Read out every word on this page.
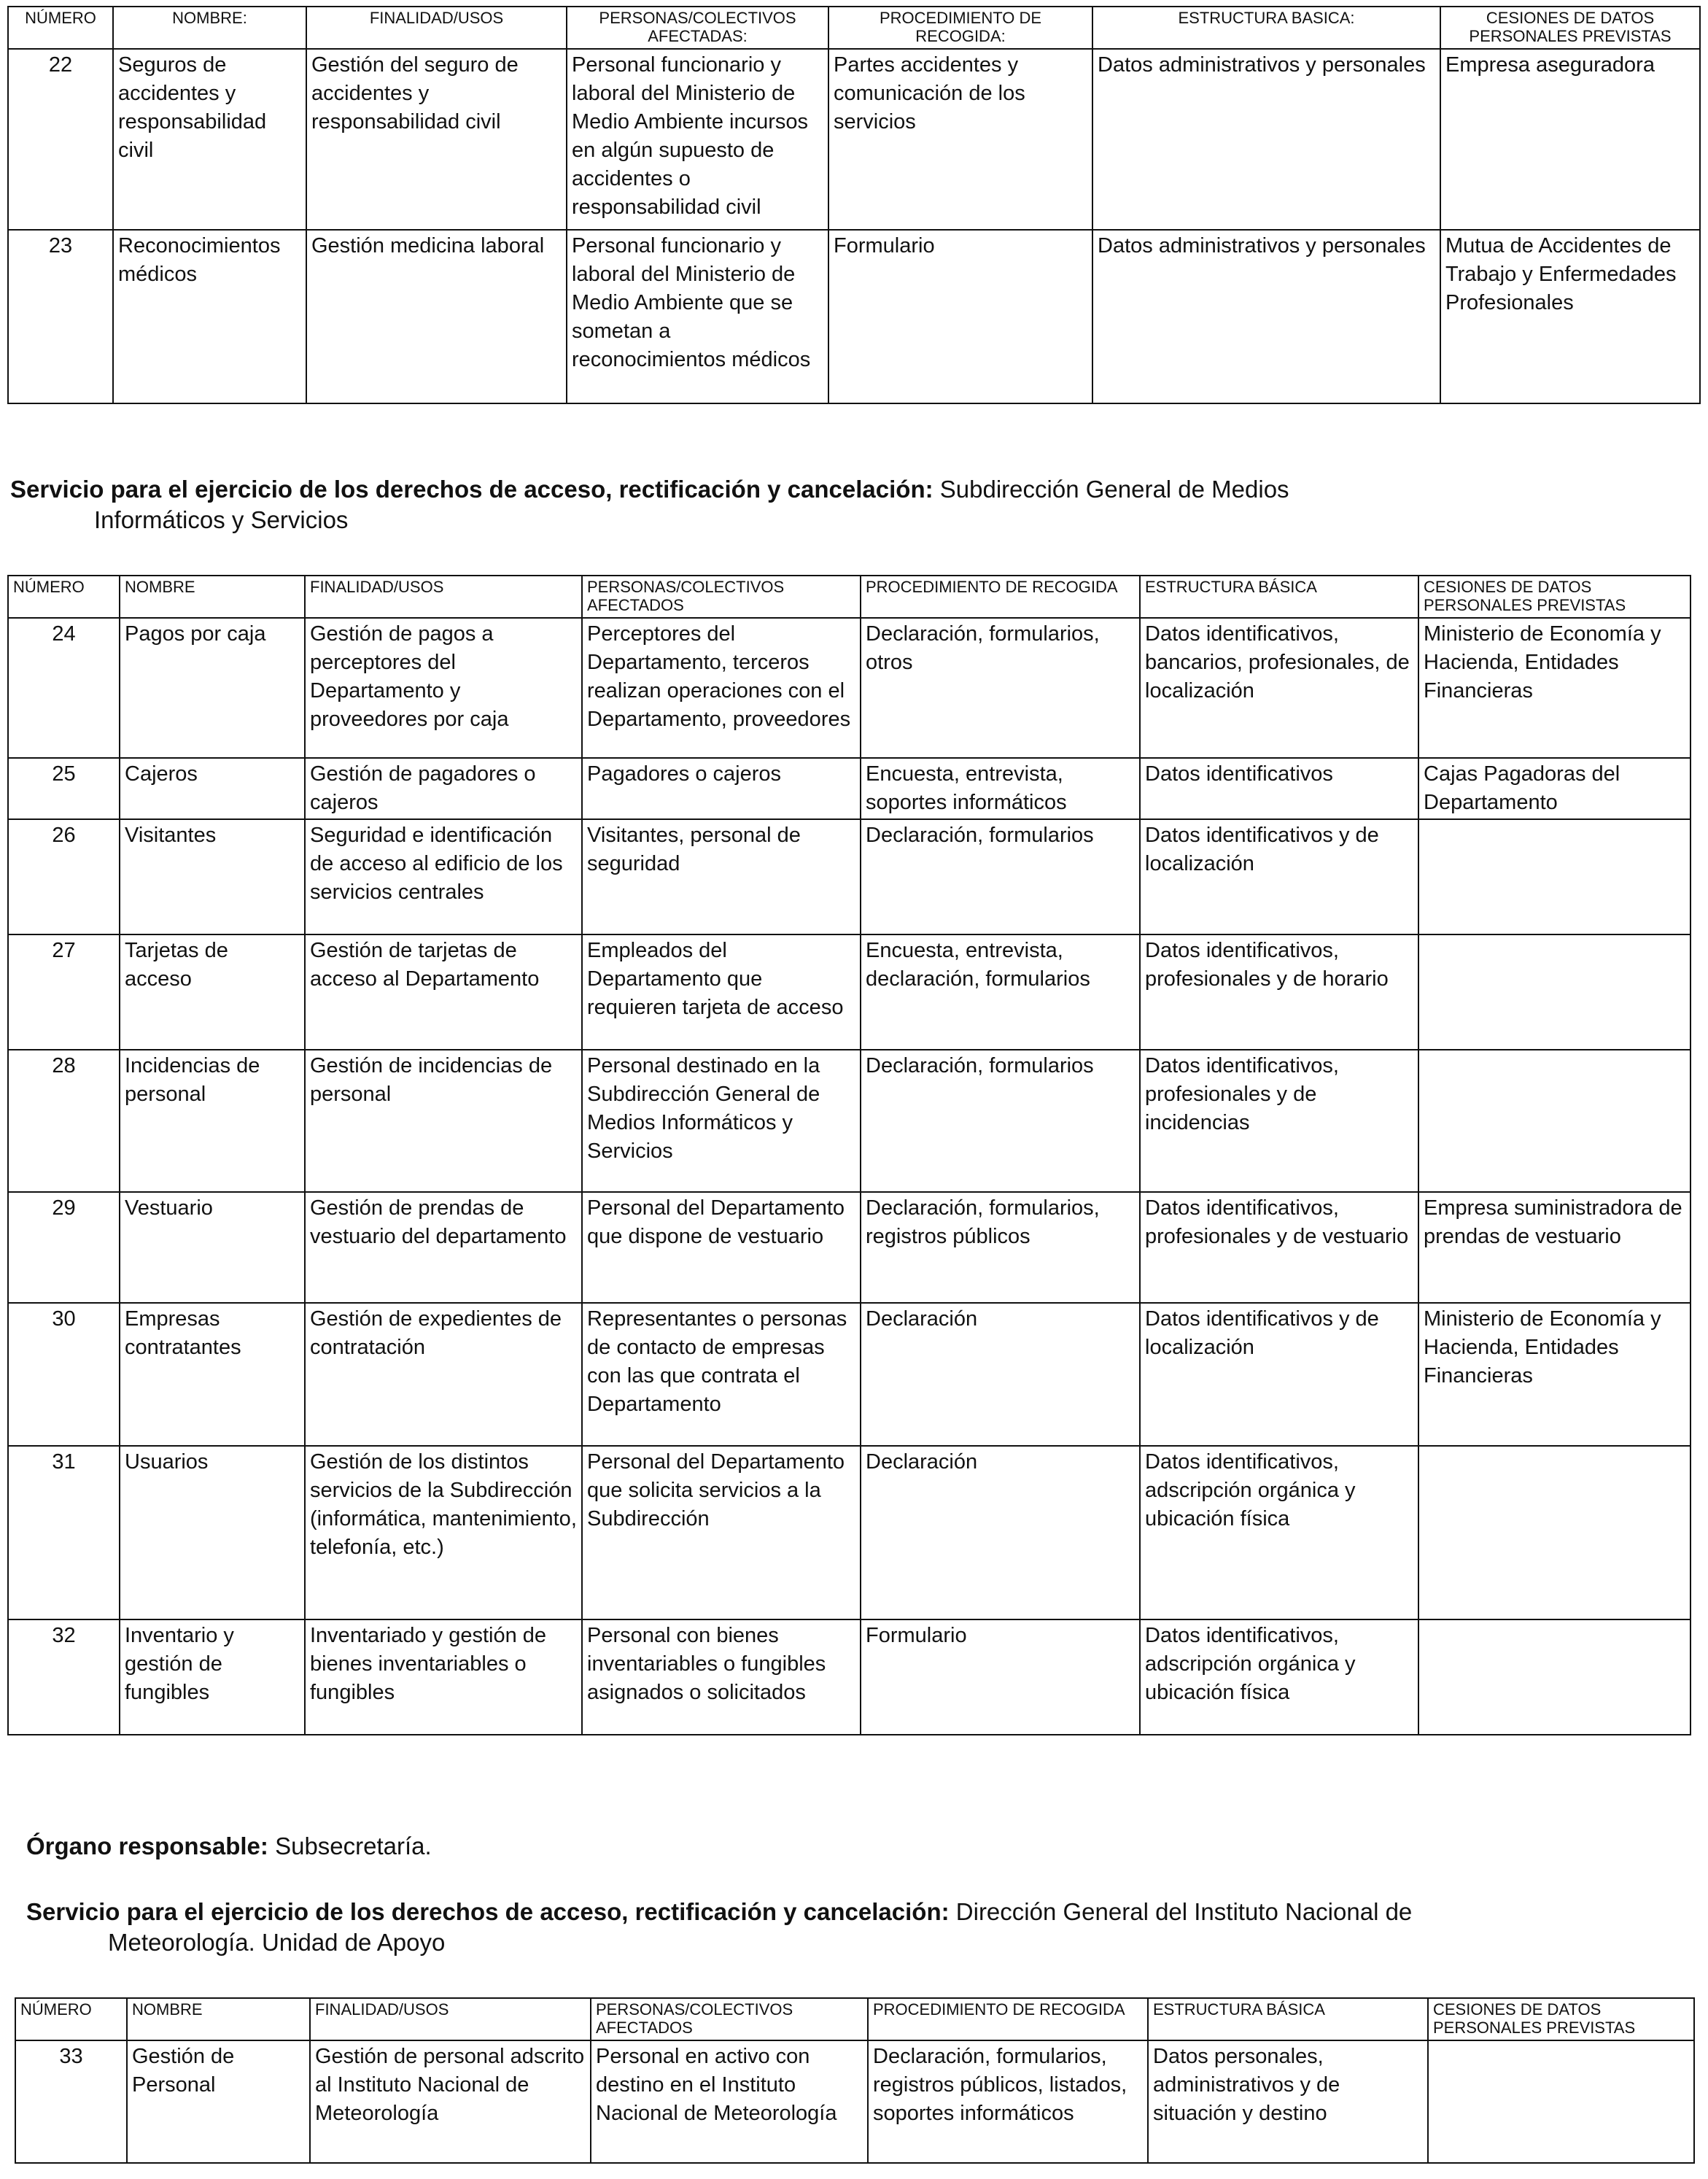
NÚMERO	NOMBRE:	FINALIDAD/USOS	PERSONAS/COLECTIVOS AFECTADAS:	PROCEDIMIENTO DE RECOGIDA:	ESTRUCTURA BASICA:	CESIONES DE DATOS PERSONALES PREVISTAS
22	Seguros de accidentes y responsabilidad civil	Gestión del seguro de accidentes y responsabilidad civil	Personal funcionario y laboral del Ministerio de Medio Ambiente incursos en algún supuesto de accidentes o responsabilidad civil	Partes accidentes y comunicación de los servicios	Datos administrativos y personales	Empresa aseguradora
23	Reconocimientos médicos	Gestión medicina laboral	Personal funcionario y laboral del Ministerio de Medio Ambiente que se sometan a reconocimientos médicos	Formulario	Datos administrativos y personales	Mutua de Accidentes de Trabajo y Enfermedades Profesionales
Servicio para el ejercicio de los derechos de acceso, rectificación y cancelación: Subdirección General de Medios
Informáticos y Servicios
NÚMERO	NOMBRE	FINALIDAD/USOS	PERSONAS/COLECTIVOS AFECTADOS	PROCEDIMIENTO DE RECOGIDA	ESTRUCTURA BÁSICA	CESIONES DE DATOS PERSONALES PREVISTAS
24	Pagos por caja	Gestión de pagos a perceptores del Departamento y proveedores por caja	Perceptores del Departamento, terceros realizan operaciones con el Departamento, proveedores	Declaración, formularios, otros	Datos identificativos, bancarios, profesionales, de localización	Ministerio de Economía y Hacienda, Entidades Financieras
25	Cajeros	Gestión de pagadores o cajeros	Pagadores o cajeros	Encuesta, entrevista, soportes informáticos	Datos identificativos	Cajas Pagadoras del Departamento
26	Visitantes	Seguridad e identificación de acceso al edificio de los servicios centrales	Visitantes, personal de seguridad	Declaración, formularios	Datos identificativos y de localización	
27	Tarjetas de acceso	Gestión de tarjetas de acceso al Departamento	Empleados del Departamento que requieren tarjeta de acceso	Encuesta, entrevista, declaración, formularios	Datos identificativos, profesionales y de horario	
28	Incidencias de personal	Gestión de incidencias de personal	Personal destinado en la Subdirección General de Medios Informáticos y Servicios	Declaración, formularios	Datos identificativos, profesionales y de incidencias	
29	Vestuario	Gestión de prendas de vestuario del departamento	Personal del Departamento que dispone de vestuario	Declaración, formularios, registros públicos	Datos identificativos, profesionales y de vestuario	Empresa suministradora de prendas de vestuario
30	Empresas contratantes	Gestión de expedientes de contratación	Representantes o personas de contacto de empresas con las que contrata el Departamento	Declaración	Datos identificativos y de localización	Ministerio de Economía y Hacienda, Entidades Financieras
31	Usuarios	Gestión de los distintos servicios de la Subdirección (informática, mantenimiento, telefonía, etc.)	Personal del Departamento que solicita servicios a la Subdirección	Declaración	Datos identificativos, adscripción orgánica y ubicación física	
32	Inventario y gestión de fungibles	Inventariado y gestión de bienes inventariables o fungibles	Personal con bienes inventariables o fungibles asignados o solicitados	Formulario	Datos identificativos, adscripción orgánica y ubicación física	
Órgano responsable: Subsecretaría.
Servicio para el ejercicio de los derechos de acceso, rectificación y cancelación: Dirección General del Instituto Nacional de
Meteorología. Unidad de Apoyo
NÚMERO	NOMBRE	FINALIDAD/USOS	PERSONAS/COLECTIVOS AFECTADOS	PROCEDIMIENTO DE RECOGIDA	ESTRUCTURA BÁSICA	CESIONES DE DATOS PERSONALES PREVISTAS
33	Gestión de Personal	Gestión de personal adscrito al Instituto Nacional de Meteorología	Personal en activo con destino en el Instituto Nacional de Meteorología	Declaración, formularios, registros públicos, listados, soportes informáticos	Datos personales, administrativos y de situación y destino	
